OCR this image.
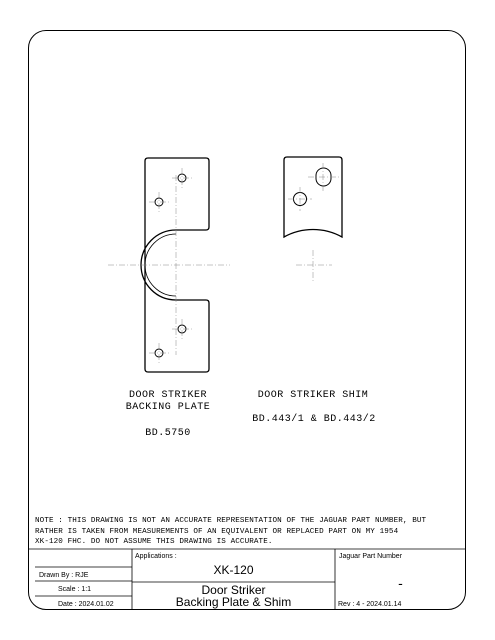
DOOR STRIKER
BACKING PLATE
BD.5750
DOOR STRIKER SHIM
BD.443/1 & BD.443/2
NOTE : THIS DRAWING IS NOT AN ACCURATE REPRESENTATION OF THE JAGUAR PART NUMBER, BUT
RATHER IS TAKEN FROM MEASUREMENTS OF AN EQUIVALENT OR REPLACED PART ON MY 1954
XK-120 FHC. DO NOT ASSUME THIS DRAWING IS ACCURATE.
Applications :
XK-120
Jaguar Part Number
-
Drawn By : RJE
Scale : 1:1
Date : 2024.01.02
Door Striker
Backing Plate & Shim	Rev : 4 - 2024.01.14
